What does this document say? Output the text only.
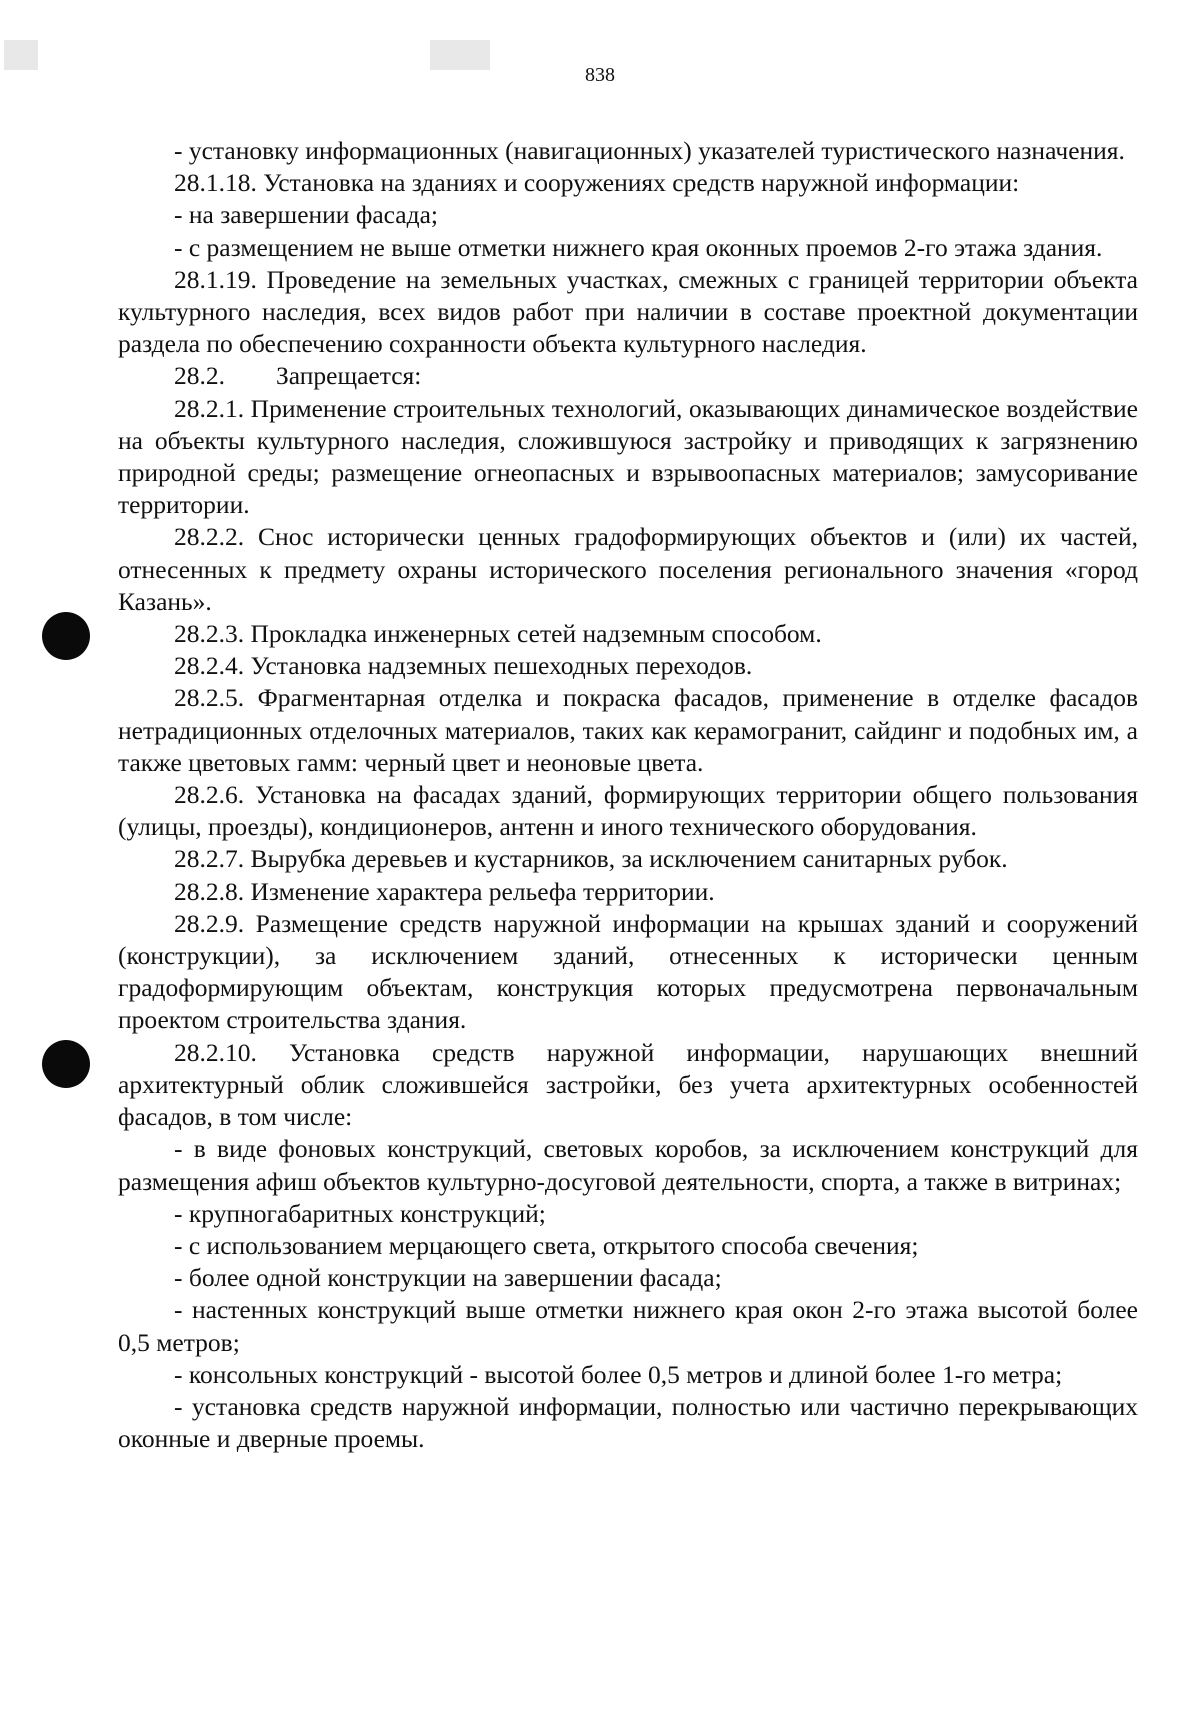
838

- установку информационных (навигационных) указателей туристического назначения.

28.1.18. Установка на зданиях и сооружениях средств наружной информации:

- на завершении фасада;

- с размещением не выше отметки нижнего края оконных проемов 2-го этажа здания.

28.1.19. Проведение на земельных участках, смежных с границей территории объекта культурного наследия, всех видов работ при наличии в составе проектной документации раздела по обеспечению сохранности объекта культурного наследия.

28.2.  Запрещается:

28.2.1. Применение строительных технологий, оказывающих динамическое воздействие на объекты культурного наследия, сложившуюся застройку и приводящих к загрязнению природной среды; размещение огнеопасных и взрывоопасных материалов; замусоривание территории.

28.2.2. Снос исторически ценных градоформирующих объектов и (или) их частей, отнесенных к предмету охраны исторического поселения регионального значения «город Казань».

28.2.3. Прокладка инженерных сетей надземным способом.

28.2.4. Установка надземных пешеходных переходов.

28.2.5. Фрагментарная отделка и покраска фасадов, применение в отделке фасадов нетрадиционных отделочных материалов, таких как керамогранит, сайдинг и подобных им, а также цветовых гамм: черный цвет и неоновые цвета.

28.2.6. Установка на фасадах зданий, формирующих территории общего пользования (улицы, проезды), кондиционеров, антенн и иного технического оборудования.

28.2.7. Вырубка деревьев и кустарников, за исключением санитарных рубок.

28.2.8. Изменение характера рельефа территории.

28.2.9. Размещение средств наружной информации на крышах зданий и сооружений (конструкции), за исключением зданий, отнесенных к исторически ценным градоформирующим объектам, конструкция которых предусмотрена первоначальным проектом строительства здания.

28.2.10. Установка средств наружной информации, нарушающих внешний архитектурный облик сложившейся застройки, без учета архитектурных особенностей фасадов, в том числе:

- в виде фоновых конструкций, световых коробов, за исключением конструкций для размещения афиш объектов культурно-досуговой деятельности, спорта, а также в витринах;

- крупногабаритных конструкций;

- с использованием мерцающего света, открытого способа свечения;

- более одной конструкции на завершении фасада;

- настенных конструкций выше отметки нижнего края окон 2-го этажа высотой более 0,5 метров;

- консольных конструкций - высотой более 0,5 метров и длиной более 1-го метра;

- установка средств наружной информации, полностью или частично перекрывающих оконные и дверные проемы.
